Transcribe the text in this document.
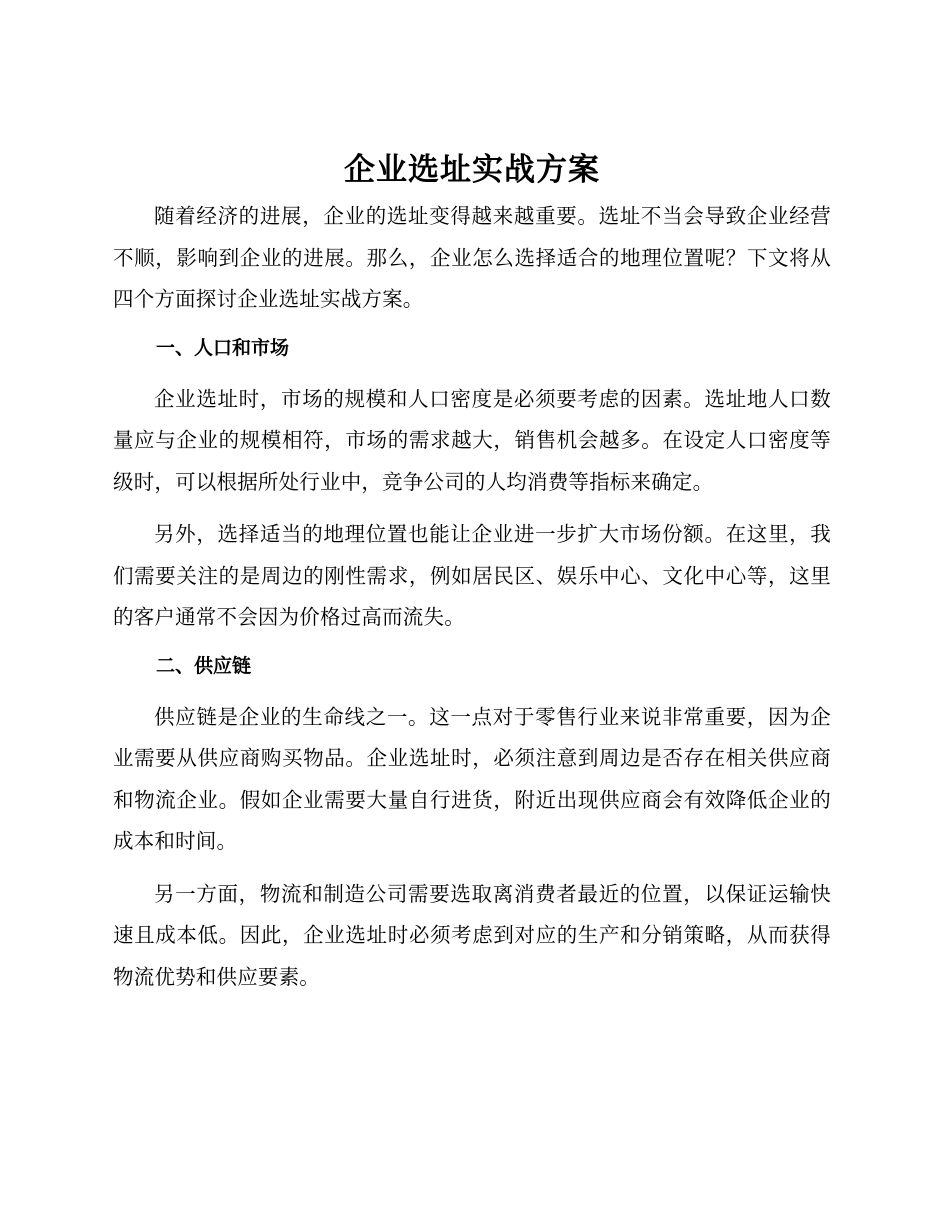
企业选址实战方案

随着经济的进展，企业的选址变得越来越重要。选址不当会导致企业经营不顺，影响到企业的进展。那么，企业怎么选择适合的地理位置呢？下文将从四个方面探讨企业选址实战方案。

一、人口和市场

企业选址时，市场的规模和人口密度是必须要考虑的因素。选址地人口数量应与企业的规模相符，市场的需求越大，销售机会越多。在设定人口密度等级时，可以根据所处行业中，竞争公司的人均消费等指标来确定。

另外，选择适当的地理位置也能让企业进一步扩大市场份额。在这里，我们需要关注的是周边的刚性需求，例如居民区、娱乐中心、文化中心等，这里的客户通常不会因为价格过高而流失。

二、供应链

供应链是企业的生命线之一。这一点对于零售行业来说非常重要，因为企业需要从供应商购买物品。企业选址时，必须注意到周边是否存在相关供应商和物流企业。假如企业需要大量自行进货，附近出现供应商会有效降低企业的成本和时间。

另一方面，物流和制造公司需要选取离消费者最近的位置，以保证运输快速且成本低。因此，企业选址时必须考虑到对应的生产和分销策略，从而获得物流优势和供应要素。
